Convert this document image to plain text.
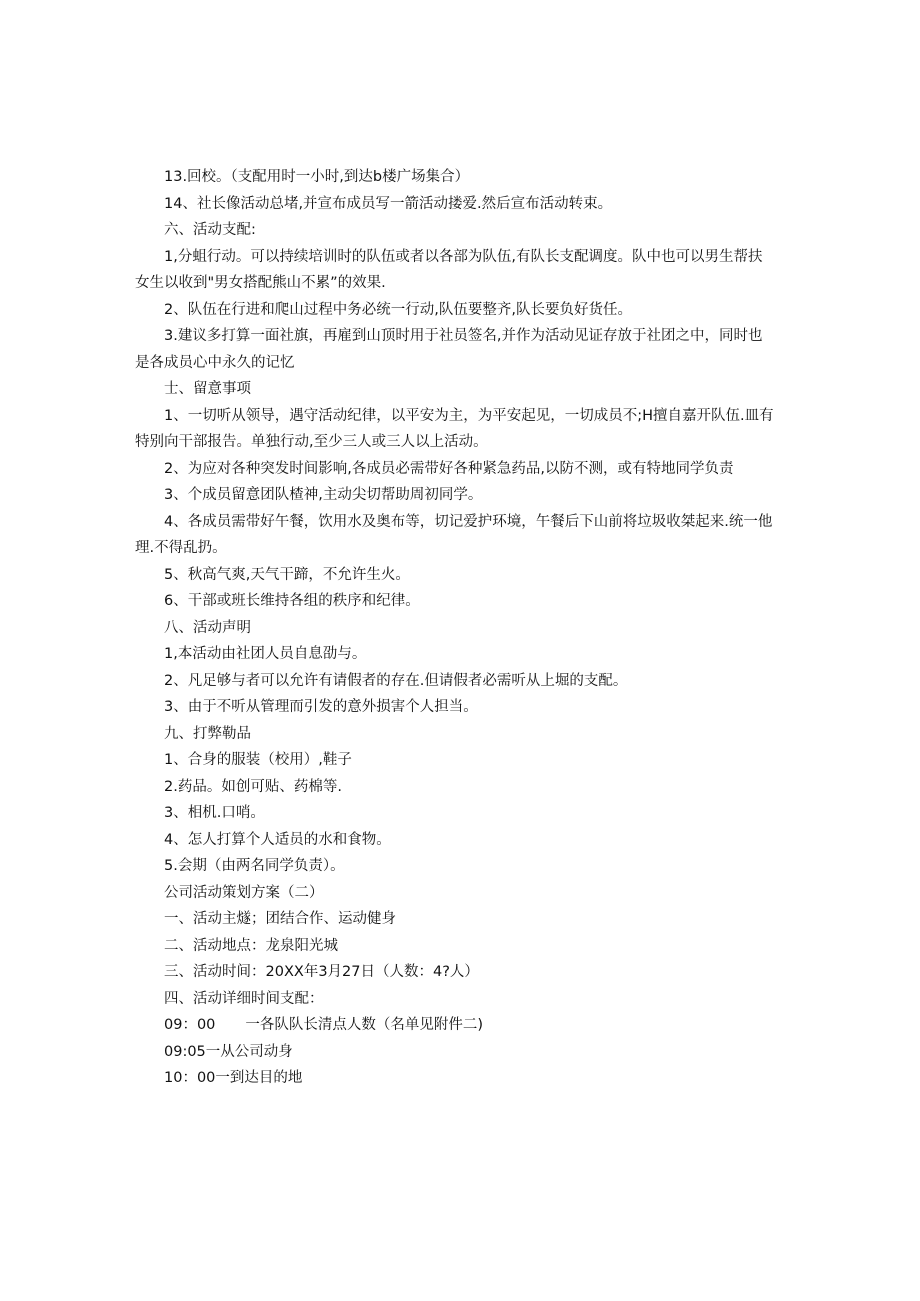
13.回校。（支配用时一小时,到达b楼广场集合）
14、社长像活动总堵,并宣布成员写一箭活动搂爱.然后宣布活动转束。
六、活动支配:
1,分蛆行动。可以持续培训时的队伍或者以各部为队伍,有队长支配调度。队中也可以男生帮扶
女生以收到"男女搭配熊山不累”的效果.
2、队伍在行进和爬山过程中务必统一行动,队伍要整齐,队长要负好货任。
3.建议多打算一面社旗，再雇到山顶时用于社员签名,并作为活动见证存放于社团之中，同时也
是各成员心中永久的记忆
士、留意事项
1、一切听从领导，遇守活动纪律，以平安为主，为平安起见，一切成员不;H擅自嘉开队伍.皿有
特别向干部报告。单独行动,至少三人或三人以上活动。
2、为应对各种突发时间影响,各成员必需带好各种紧急药品,以防不测，或有特地同学负责
3、个成员留意团队楂神,主动尖切帮助周初同学。
4、各成员需带好午餐，饮用水及奥布等，切记爱护环境，午餐后下山前将垃圾收桀起来.统一他
理.不得乱扔。
5、秋高气爽,天气干蹄，不允许生火。
6、干部或班长维持各组的秩序和纪律。
八、活动声明
1,本活动由社团人员自息劭与。
2、凡足够与者可以允许有请假者的存在.但请假者必需听从上堀的支配。
3、由于不听从管理而引发的意外损害个人担当。
九、打弊勒品
1、合身的服装（校用）,鞋子
2.药品。如创可贴、药棉等.
3、相机.口哨。
4、怎人打算个人适员的水和食物。
5.会期（由两名同学负责）。
公司活动策划方案（二）
一、活动主燧；团结合作、运动健身
二、活动地点：龙泉阳光城
三、活动时间：20XX年3月27日（人数：4?人）
四、活动详细时间支配：
09：00 一各队队长清点人数（名单见附件二)
09:05一从公司动身
10：00一到达目的地
